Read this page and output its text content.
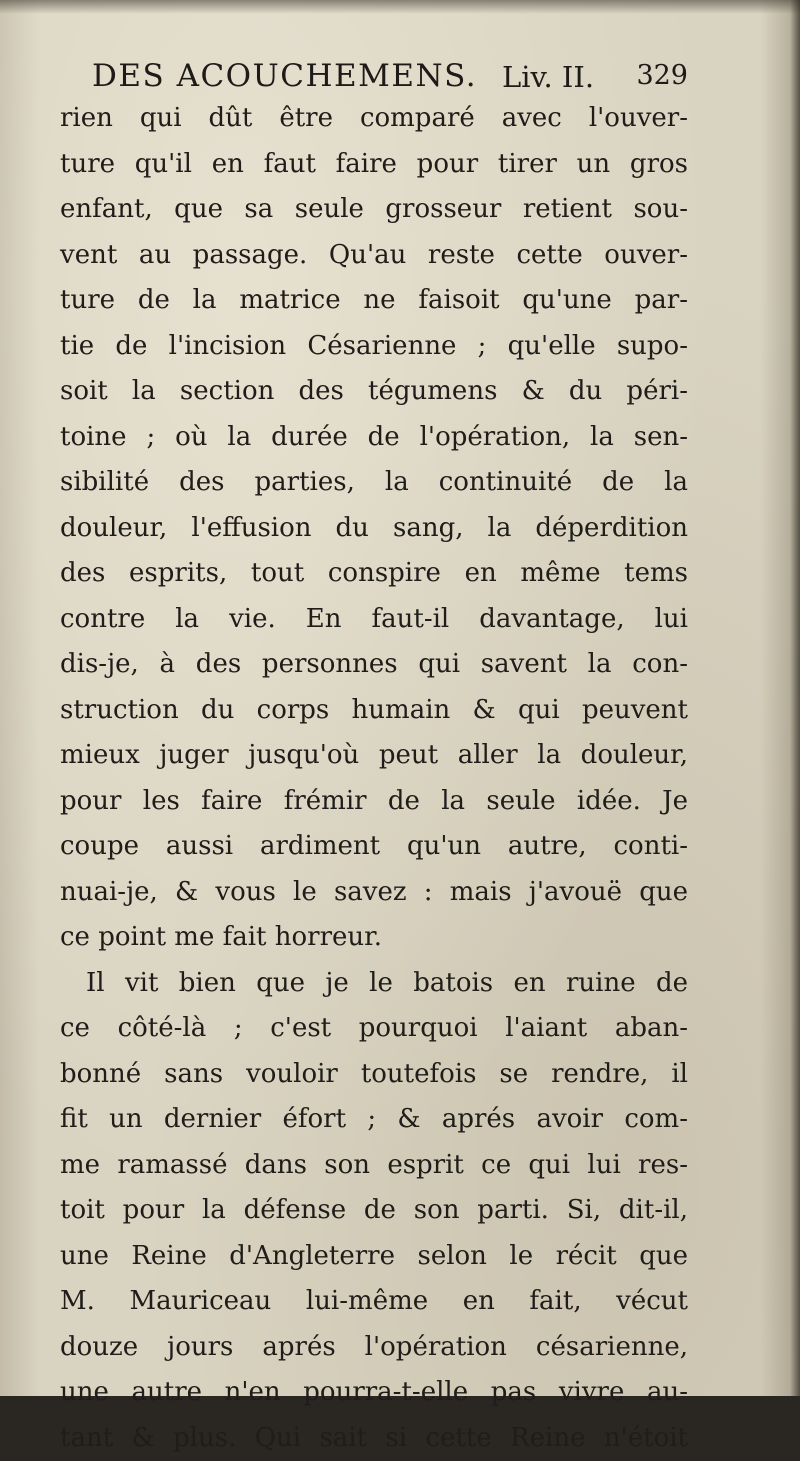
DES ACOUCHEMENS. Liv. II. 329
rien qui dût être comparé avec l'ouver-
ture qu'il en faut faire pour tirer un gros
enfant, que sa seule grosseur retient sou-
vent au passage. Qu'au reste cette ouver-
ture de la matrice ne faisoit qu'une par-
tie de l'incision Césarienne ; qu'elle supo-
soit la section des tégumens & du péri-
toine ; où la durée de l'opération, la sen-
sibilité des parties, la continuité de la
douleur, l'effusion du sang, la déperdition
des esprits, tout conspire en même tems
contre la vie. En faut-il davantage, lui
dis-je, à des personnes qui savent la con-
struction du corps humain & qui peuvent
mieux juger jusqu'où peut aller la douleur,
pour les faire frémir de la seule idée. Je
coupe aussi ardiment qu'un autre, conti-
nuai-je, & vous le savez : mais j'avouë que
ce point me fait horreur.
Il vit bien que je le batois en ruine de
ce côté-là ; c'est pourquoi l'aiant aban-
bonné sans vouloir toutefois se rendre, il
fit un dernier éfort ; & aprés avoir com-
me ramassé dans son esprit ce qui lui res-
toit pour la défense de son parti. Si, dit-il,
une Reine d'Angleterre selon le récit que
M. Mauriceau lui-même en fait, vécut
douze jours aprés l'opération césarienne,
une autre n'en pourra-t-elle pas vivre au-
tant & plus. Qui sait si cette Reine n'étoit
